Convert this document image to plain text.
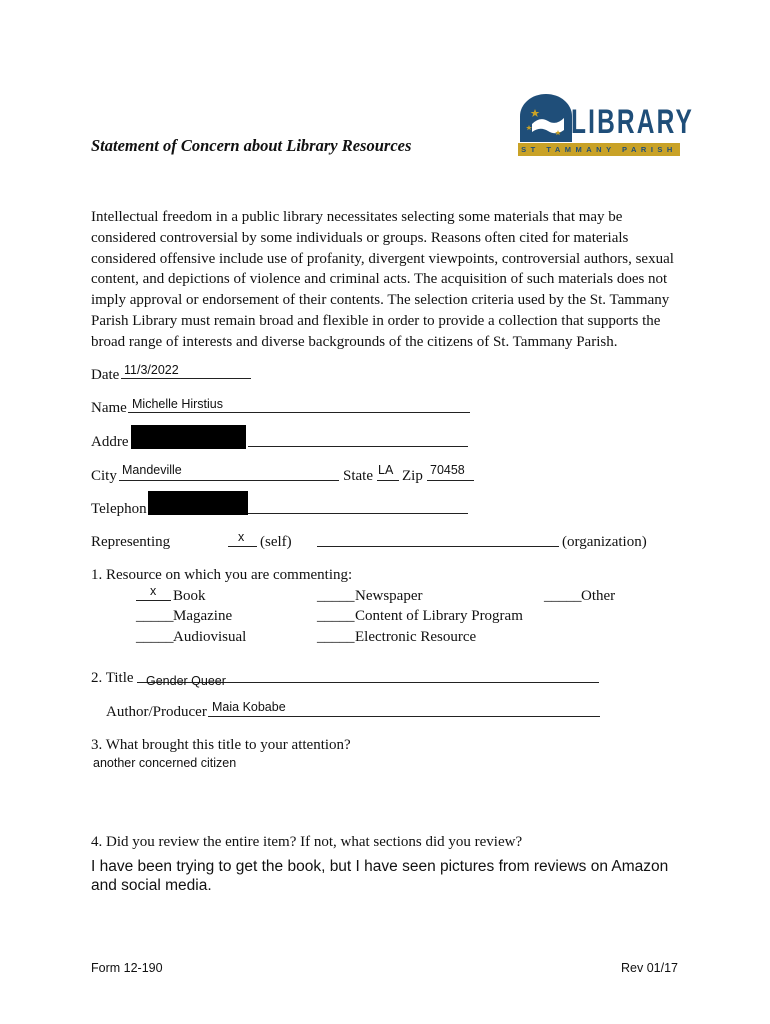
LIBRARY
ST TAMMANY PARISH
Statement of Concern about Library Resources
Intellectual freedom in a public library necessitates selecting some materials that may be
considered controversial by some individuals or groups. Reasons often cited for materials
considered offensive include use of profanity, divergent viewpoints, controversial authors, sexual
content, and depictions of violence and criminal acts. The acquisition of such materials does not
imply approval or endorsement of their contents. The selection criteria used by the St. Tammany
Parish Library must remain broad and flexible in order to provide a collection that supports the
broad range of interests and diverse backgrounds of the citizens of St. Tammany Parish.
Date 11/3/2022
Name Michelle Hirstius
Addre
City Mandeville	State LA Zip 70458
Telephon
Representing	x (self)	(organization)
1. Resource on which you are commenting:
x Book
_____ Magazine
_____ Audiovisual
_____ Newspaper
_____ Content of Library Program
_____ Electronic Resource
_____ Other
2. Title Gender Queer
Author/Producer Maia Kobabe
3. What brought this title to your attention?
another concerned citizen
4. Did you review the entire item? If not, what sections did you review?
I have been trying to get the book, but I have seen pictures from reviews on Amazon
and social media.
Form 12-190	Rev 01/17
